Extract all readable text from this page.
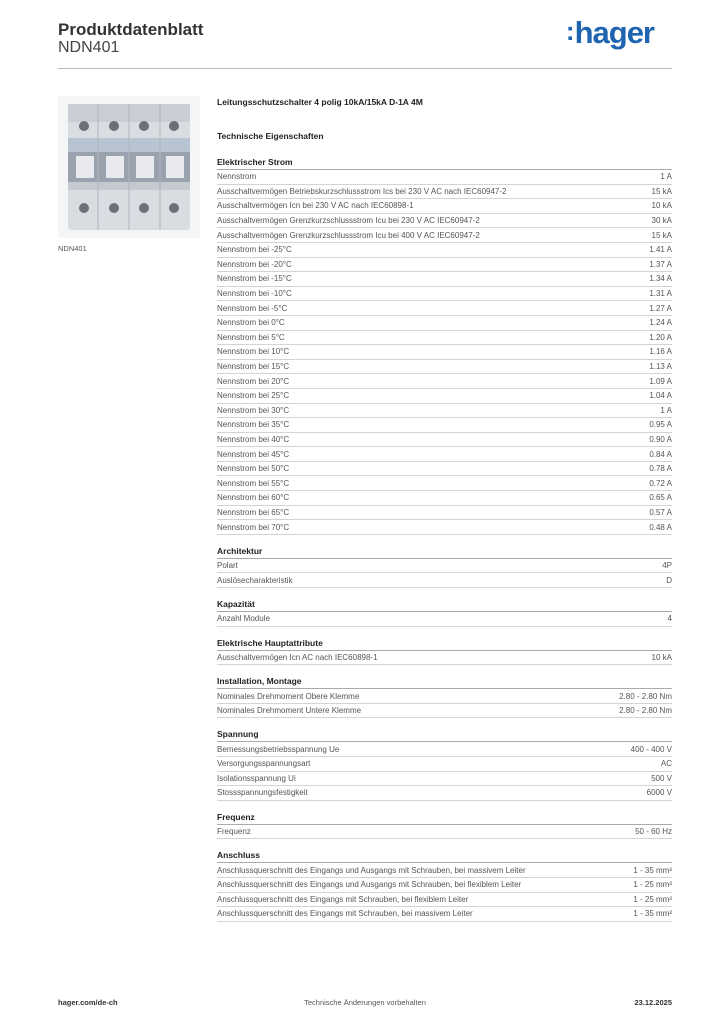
Produktdatenblatt
NDN401
:hager
NDN401
Leitungsschutzschalter 4 polig 10kA/15kA D-1A 4M
Technische Eigenschaften
Elektrischer Strom
Nennstrom	1 A
Ausschaltvermögen Betriebskurzschlussstrom Ics bei 230 V AC nach IEC60947-2	15 kA
Ausschaltvermögen Icn bei 230 V AC nach IEC60898-1	10 kA
Ausschaltvermögen Grenzkurzschlussstrom Icu bei 230 V AC IEC60947-2	30 kA
Ausschaltvermögen Grenzkurzschlussstrom Icu bei 400 V AC IEC60947-2	15 kA
Nennstrom bei -25°C	1.41 A
Nennstrom bei -20°C	1.37 A
Nennstrom bei -15°C	1.34 A
Nennstrom bei -10°C	1.31 A
Nennstrom bei -5°C	1.27 A
Nennstrom bei 0°C	1.24 A
Nennstrom bei 5°C	1.20 A
Nennstrom bei 10°C	1.16 A
Nennstrom bei 15°C	1.13 A
Nennstrom bei 20°C	1.09 A
Nennstrom bei 25°C	1.04 A
Nennstrom bei 30°C	1 A
Nennstrom bei 35°C	0.95 A
Nennstrom bei 40°C	0.90 A
Nennstrom bei 45°C	0.84 A
Nennstrom bei 50°C	0.78 A
Nennstrom bei 55°C	0.72 A
Nennstrom bei 60°C	0.65 A
Nennstrom bei 65°C	0.57 A
Nennstrom bei 70°C	0.48 A
Architektur
Polart	4P
Auslösecharakteristik	D
Kapazität
Anzahl Module	4
Elektrische Hauptattribute
Ausschaltvermögen Icn AC nach IEC60898-1	10 kA
Installation, Montage
Nominales Drehmoment Obere Klemme	2.80 - 2.80 Nm
Nominales Drehmoment Untere Klemme	2.80 - 2.80 Nm
Spannung
Bemessungsbetriebsspannung Ue	400 - 400 V
Versorgungsspannungsart	AC
Isolationsspannung Ui	500 V
Stossspannungsfestigkeit	6000 V
Frequenz
Frequenz	50 - 60 Hz
Anschluss
Anschlussquerschnitt des Eingangs und Ausgangs mit Schrauben, bei massivem Leiter	1 - 35 mm²
Anschlussquerschnitt des Eingangs und Ausgangs mit Schrauben, bei flexiblem Leiter	1 - 25 mm²
Anschlussquerschnitt des Eingangs mit Schrauben, bei flexiblem Leiter	1 - 25 mm²
Anschlussquerschnitt des Eingangs mit Schrauben, bei massivem Leiter	1 - 35 mm²
hager.com/de-ch	Technische Änderungen vorbehalten	23.12.2025
